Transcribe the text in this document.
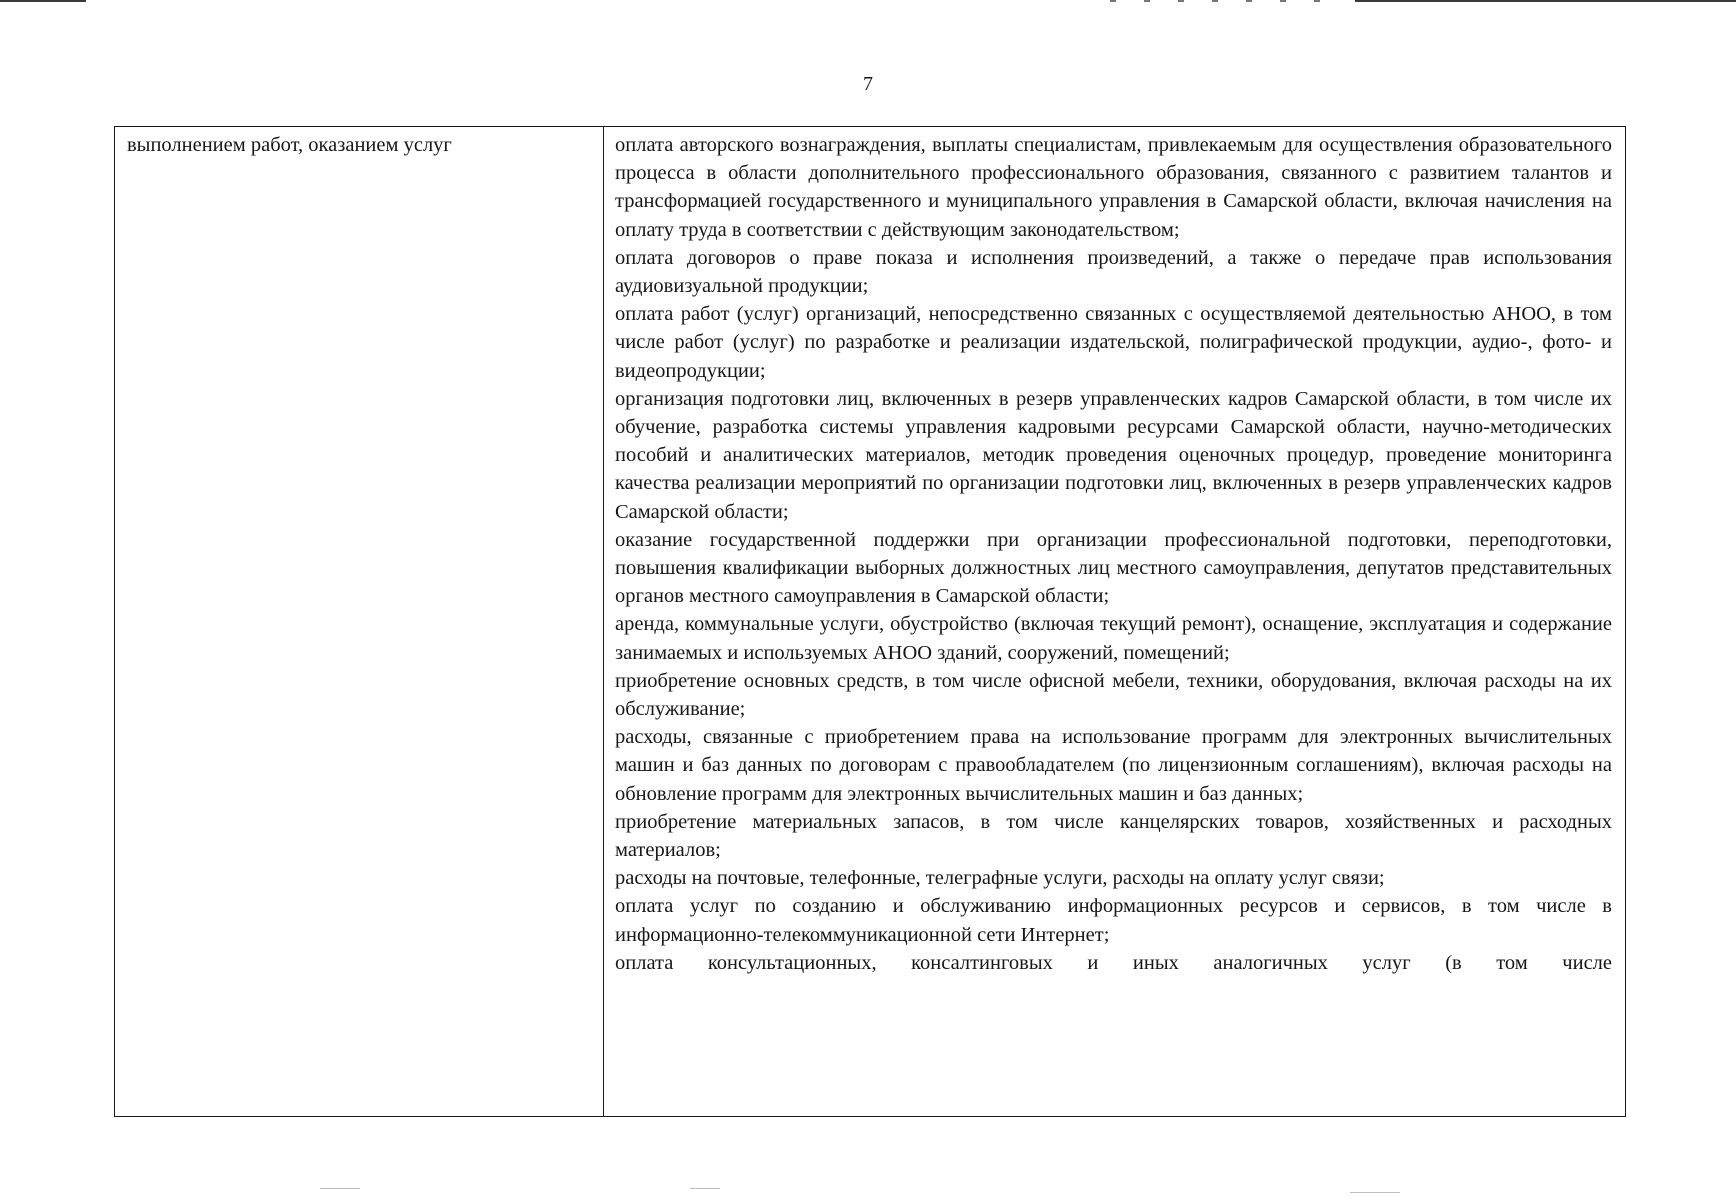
7
выполнением работ, оказанием услуг	оплата авторского вознаграждения, выплаты специалистам, привлекаемым для осуществления образовательного процесса в области дополнительного профессионального образования, связанного с развитием талантов и трансформацией государственного и муниципального управления в Самарской области, включая начисления на оплату труда в соответствии с действующим законодательством;

оплата договоров о праве показа и исполнения произведений, а также о передаче прав использования аудиовизуальной продукции;

оплата работ (услуг) организаций, непосредственно связанных с осуществляемой деятельностью АНОО, в том числе работ (услуг) по разработке и реализации издательской, полиграфической продукции, аудио-, фото- и видеопродукции;

организация подготовки лиц, включенных в резерв управленческих кадров Самарской области, в том числе их обучение, разработка системы управления кадровыми ресурсами Самарской области, научно-методических пособий и аналитических материалов, методик проведения оценочных процедур, проведение мониторинга качества реализации мероприятий по организации подготовки лиц, включенных в резерв управленческих кадров Самарской области;

оказание государственной поддержки при организации профессиональной подготовки, переподготовки, повышения квалификации выборных должностных лиц местного самоуправления, депутатов представительных органов местного самоуправления в Самарской области;

аренда, коммунальные услуги, обустройство (включая текущий ремонт), оснащение, эксплуатация и содержание занимаемых и используемых АНОО зданий, сооружений, помещений;

приобретение основных средств, в том числе офисной мебели, техники, оборудования, включая расходы на их обслуживание;

расходы, связанные с приобретением права на использование программ для электронных вычислительных машин и баз данных по договорам с правообладателем (по лицензионным соглашениям), включая расходы на обновление программ для электронных вычислительных машин и баз данных;

приобретение материальных запасов, в том числе канцелярских товаров, хозяйственных и расходных материалов;

расходы на почтовые, телефонные, телеграфные услуги, расходы на оплату услуг связи;

оплата услуг по созданию и обслуживанию информационных ресурсов и сервисов, в том числе в информационно-телекоммуникационной сети Интернет;

оплата консультационных, консалтинговых и иных аналогичных услуг (в том числе
